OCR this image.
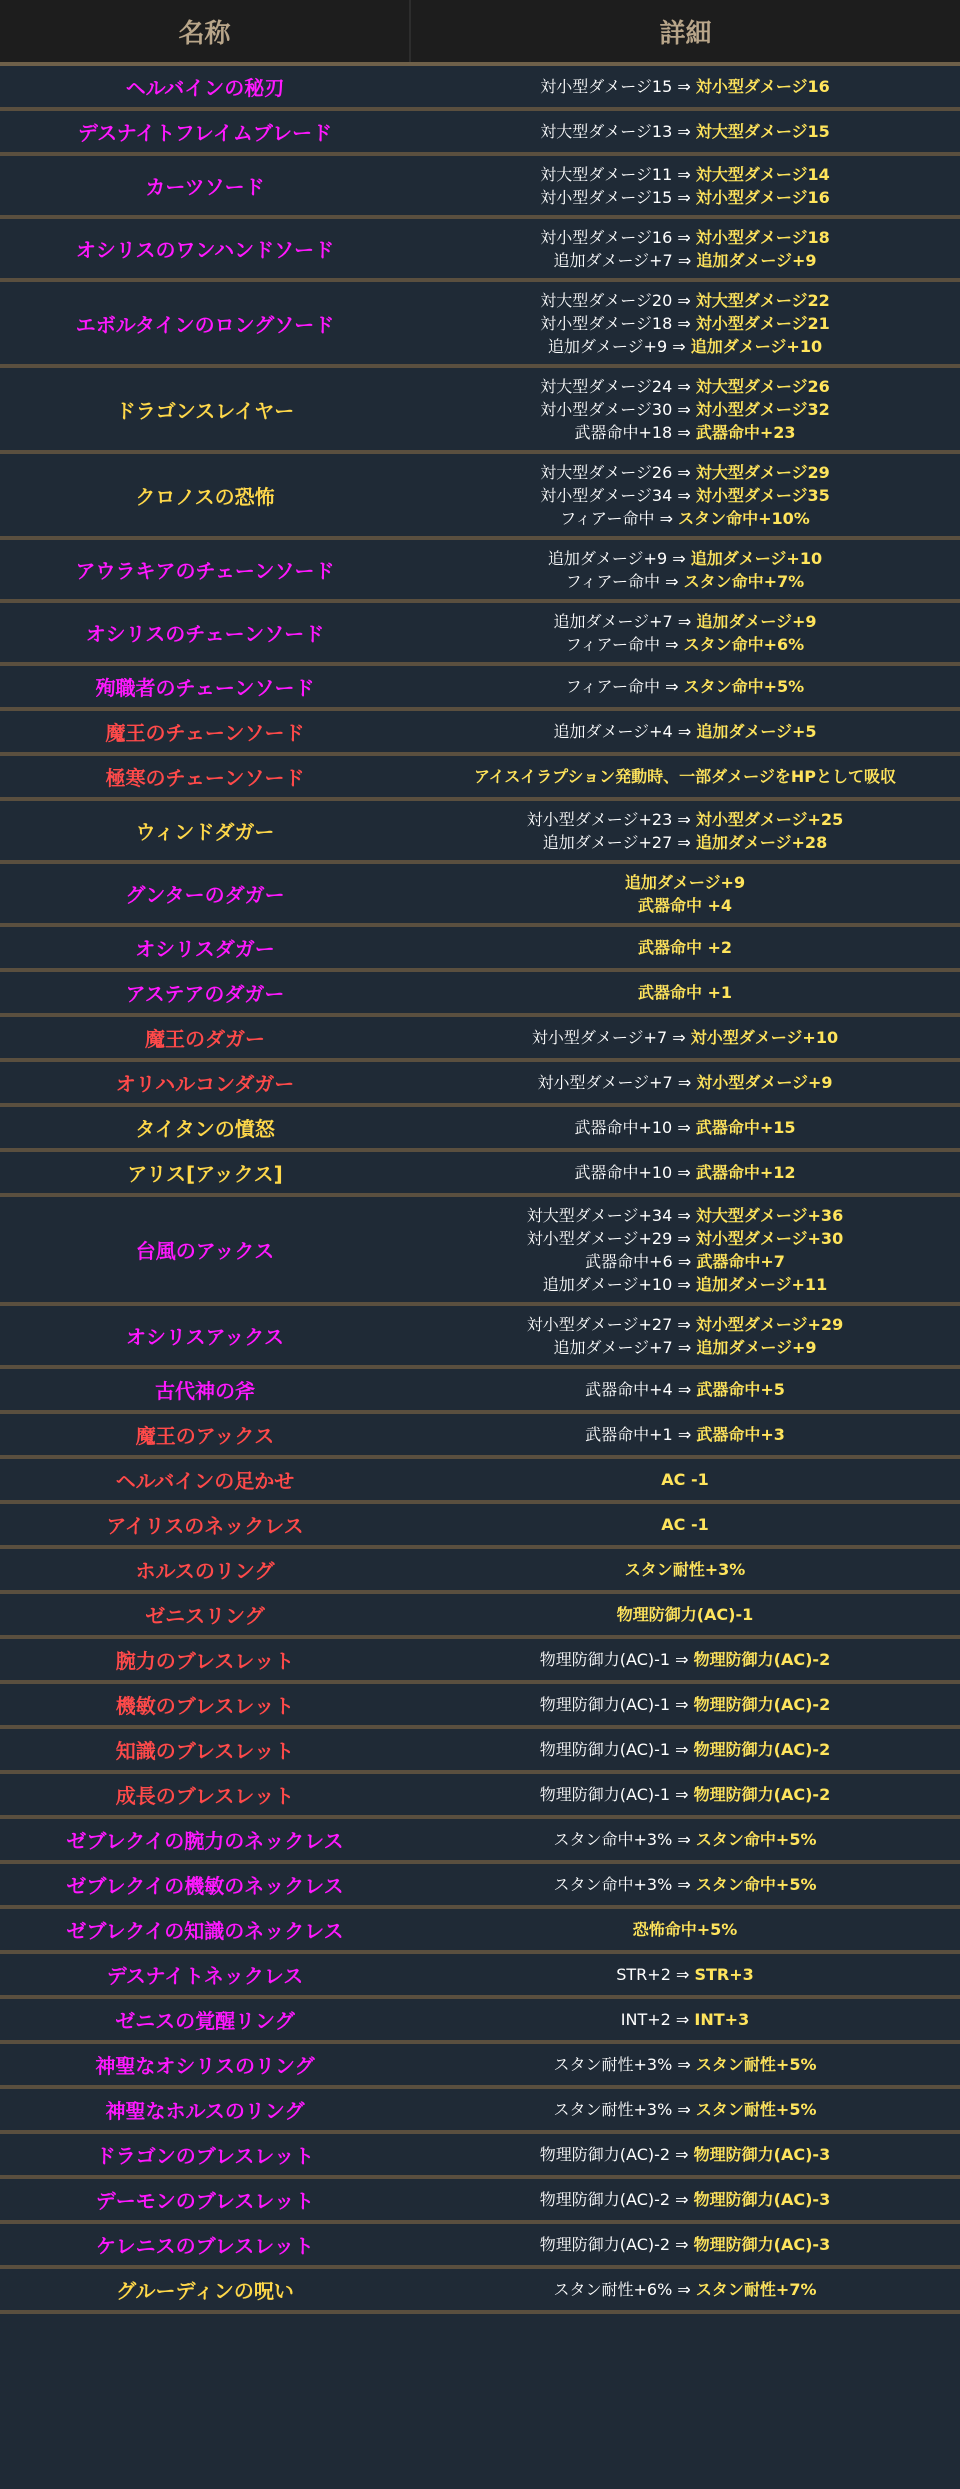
名称	詳細
ヘルバインの秘刃	対小型ダメージ15 ⇒ 対小型ダメージ16

デスナイトフレイムブレード	対大型ダメージ13 ⇒ 対大型ダメージ15

カーツソード	対大型ダメージ11 ⇒ 対大型ダメージ14
対小型ダメージ15 ⇒ 対小型ダメージ16

オシリスのワンハンドソード	対小型ダメージ16 ⇒ 対小型ダメージ18
追加ダメージ+7 ⇒ 追加ダメージ+9

エボルタインのロングソード	対大型ダメージ20 ⇒ 対大型ダメージ22
対小型ダメージ18 ⇒ 対小型ダメージ21
追加ダメージ+9 ⇒ 追加ダメージ+10

ドラゴンスレイヤー	対大型ダメージ24 ⇒ 対大型ダメージ26
対小型ダメージ30 ⇒ 対小型ダメージ32
武器命中+18 ⇒ 武器命中+23

クロノスの恐怖	対大型ダメージ26 ⇒ 対大型ダメージ29
対小型ダメージ34 ⇒ 対小型ダメージ35
フィアー命中 ⇒ スタン命中+10%

アウラキアのチェーンソード	追加ダメージ+9 ⇒ 追加ダメージ+10
フィアー命中 ⇒ スタン命中+7%

オシリスのチェーンソード	追加ダメージ+7 ⇒ 追加ダメージ+9
フィアー命中 ⇒ スタン命中+6%

殉職者のチェーンソード	フィアー命中 ⇒ スタン命中+5%

魔王のチェーンソード	追加ダメージ+4 ⇒ 追加ダメージ+5

極寒のチェーンソード	アイスイラプション発動時、一部ダメージをHPとして吸収

ウィンドダガー	対小型ダメージ+23 ⇒ 対小型ダメージ+25
追加ダメージ+27 ⇒ 追加ダメージ+28

グンターのダガー	追加ダメージ+9
武器命中 +4

オシリスダガー	武器命中 +2

アステアのダガー	武器命中 +1

魔王のダガー	対小型ダメージ+7 ⇒ 対小型ダメージ+10

オリハルコンダガー	対小型ダメージ+7 ⇒ 対小型ダメージ+9

タイタンの憤怒	武器命中+10 ⇒ 武器命中+15

アリス[アックス]	武器命中+10 ⇒ 武器命中+12

台風のアックス	対大型ダメージ+34 ⇒ 対大型ダメージ+36
対小型ダメージ+29 ⇒ 対小型ダメージ+30
武器命中+6 ⇒ 武器命中+7
追加ダメージ+10 ⇒ 追加ダメージ+11

オシリスアックス	対小型ダメージ+27 ⇒ 対小型ダメージ+29
追加ダメージ+7 ⇒ 追加ダメージ+9

古代神の斧	武器命中+4 ⇒ 武器命中+5

魔王のアックス	武器命中+1 ⇒ 武器命中+3

ヘルバインの足かせ	AC -1

アイリスのネックレス	AC -1

ホルスのリング	スタン耐性+3%

ゼニスリング	物理防御力(AC)-1

腕力のブレスレット	物理防御力(AC)-1 ⇒ 物理防御力(AC)-2

機敏のブレスレット	物理防御力(AC)-1 ⇒ 物理防御力(AC)-2

知識のブレスレット	物理防御力(AC)-1 ⇒ 物理防御力(AC)-2

成長のブレスレット	物理防御力(AC)-1 ⇒ 物理防御力(AC)-2

ゼブレクイの腕力のネックレス	スタン命中+3% ⇒ スタン命中+5%

ゼブレクイの機敏のネックレス	スタン命中+3% ⇒ スタン命中+5%

ゼブレクイの知識のネックレス	恐怖命中+5%

デスナイトネックレス	STR+2 ⇒ STR+3

ゼニスの覚醒リング	INT+2 ⇒ INT+3

神聖なオシリスのリング	スタン耐性+3% ⇒ スタン耐性+5%

神聖なホルスのリング	スタン耐性+3% ⇒ スタン耐性+5%

ドラゴンのブレスレット	物理防御力(AC)-2 ⇒ 物理防御力(AC)-3

デーモンのブレスレット	物理防御力(AC)-2 ⇒ 物理防御力(AC)-3

ケレニスのブレスレット	物理防御力(AC)-2 ⇒ 物理防御力(AC)-3

グルーディンの呪い	スタン耐性+6% ⇒ スタン耐性+7%
